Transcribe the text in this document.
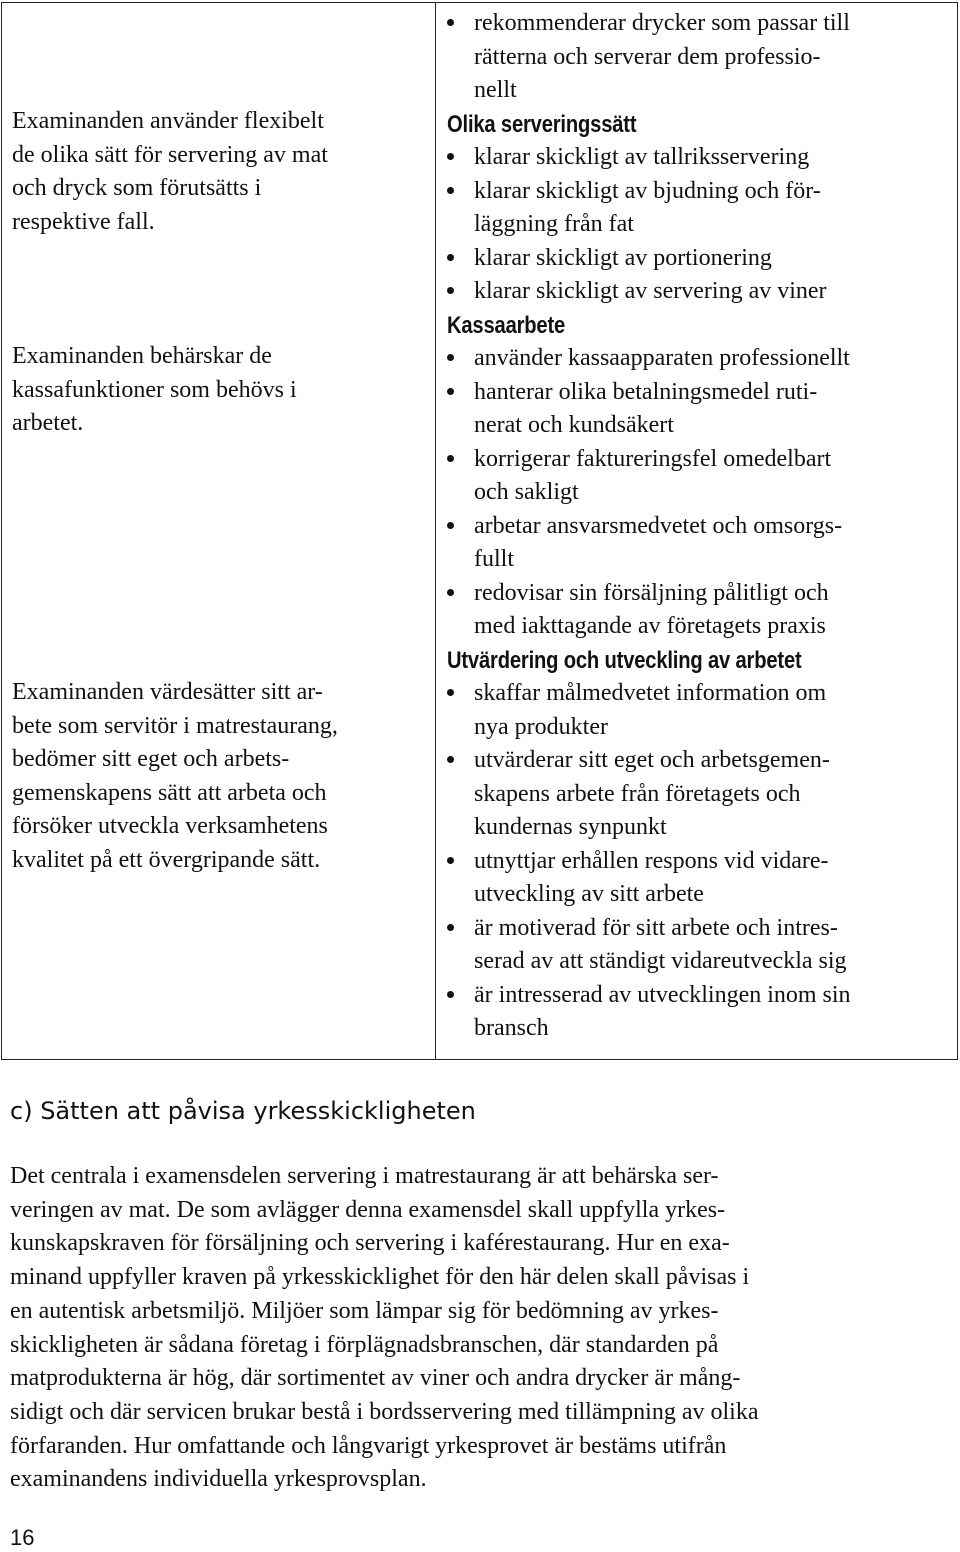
Examinanden använder flexibelt
de olika sätt för servering av mat
och dryck som förutsätts i
respektive fall.
Examinanden behärskar de
kassafunktioner som behövs i
arbetet.
Examinanden värdesätter sitt ar-
bete som servitör i matrestaurang,
bedömer sitt eget och arbets-
gemenskapens sätt att arbeta och
försöker utveckla verksamhetens
kvalitet på ett övergripande sätt.
rekommenderar drycker som passar till
rätterna och serverar dem professio-
nellt
Olika serveringssätt
klarar skickligt av tallriksservering
klarar skickligt av bjudning och för-
läggning från fat
klarar skickligt av portionering
klarar skickligt av servering av viner
Kassaarbete
använder kassaapparaten professionellt
hanterar olika betalningsmedel ruti-
nerat och kundsäkert
korrigerar faktureringsfel omedelbart
och sakligt
arbetar ansvarsmedvetet och omsorgs-
fullt
redovisar sin försäljning pålitligt och
med iakttagande av företagets praxis
Utvärdering och utveckling av arbetet
skaffar målmedvetet information om
nya produkter
utvärderar sitt eget och arbetsgemen-
skapens arbete från företagets och
kundernas synpunkt
utnyttjar erhållen respons vid vidare-
utveckling av sitt arbete
är motiverad för sitt arbete och intres-
serad av att ständigt vidareutveckla sig
är intresserad av utvecklingen inom sin
bransch
c) Sätten att påvisa yrkesskickligheten
Det centrala i examensdelen servering i matrestaurang är att behärska ser-
veringen av mat. De som avlägger denna examensdel skall uppfylla yrkes-
kunskapskraven för försäljning och servering i kaférestaurang. Hur en exa-
minand uppfyller kraven på yrkesskicklighet för den här delen skall påvisas i
en autentisk arbetsmiljö. Miljöer som lämpar sig för bedömning av yrkes-
skickligheten är sådana företag i förplägnadsbranschen, där standarden på
matprodukterna är hög, där sortimentet av viner och andra drycker är mång-
sidigt och där servicen brukar bestå i bordsservering med tillämpning av olika
förfaranden. Hur omfattande och långvarigt yrkesprovet är bestäms utifrån
examinandens individuella yrkesprovsplan.
16
